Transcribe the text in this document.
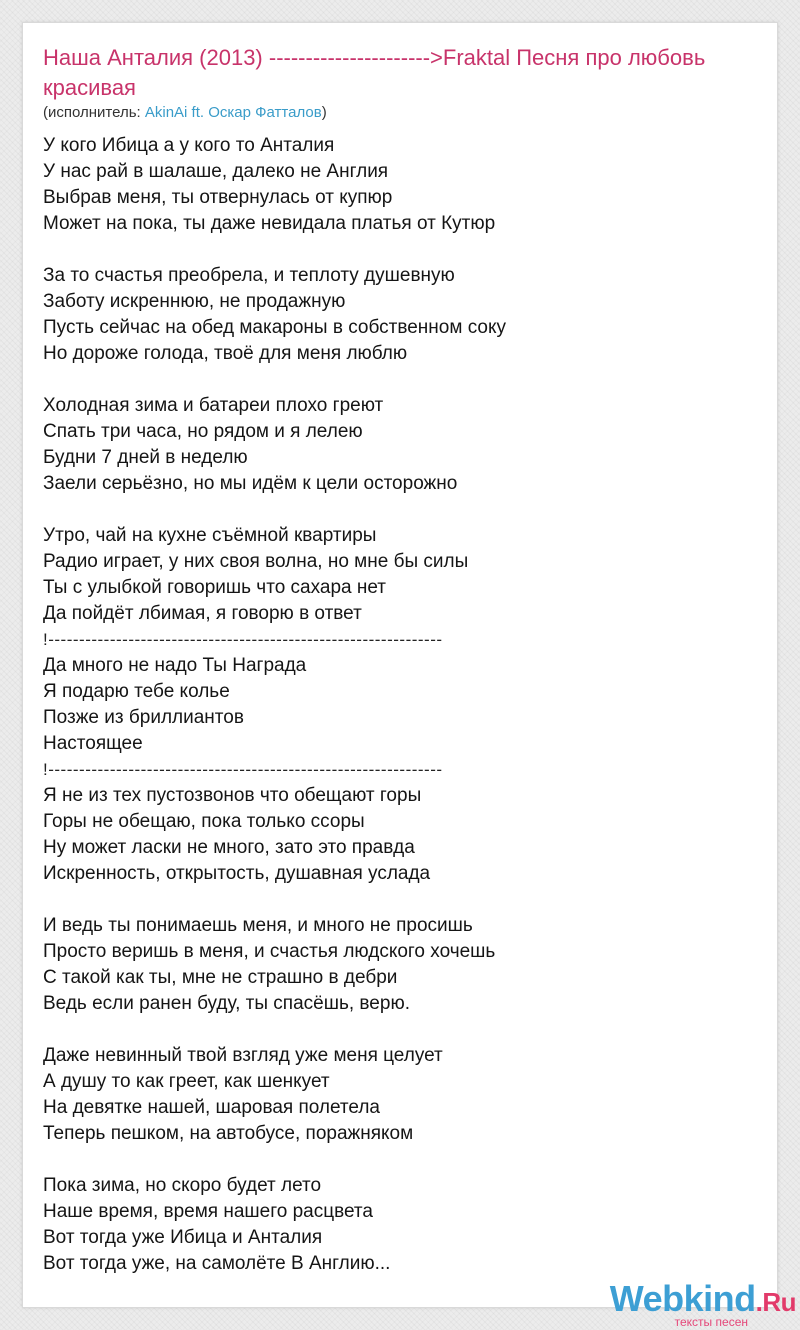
Наша Анталия (2013) ---------------------->Fraktal Песня про любовь красивая
(исполнитель: AkinAi ft. Оскар Фатталов)
У кого Ибица а у кого то Анталия
У нас рай в шалаше, далеко не Англия
Выбрав меня, ты отвернулась от купюр
Может на пока, ты даже невидала платья от Кутюр
За то счастья преобрела, и теплоту душевную
Заботу искреннюю, не продажную
Пусть сейчас на обед макароны в собственном соку
Но дороже голода, твоё для меня люблю
Холодная зима и батареи плохо греют
Спать три часа, но рядом и я лелею
Будни 7 дней в неделю
Заели серьёзно, но мы идём к цели осторожно
Утро, чай на кухне съёмной квартиры
Радио играет, у них своя волна, но мне бы силы
Ты с улыбкой говоришь что сахара нет
Да пойдёт лбимая, я говорю в ответ
!----------------------------------------------------------------
Да много не надо Ты Награда
Я подарю тебе колье
Позже из бриллиантов
Настоящее
!----------------------------------------------------------------
Я не из тех пустозвонов что обещают горы
Горы не обещаю, пока только ссоры
Ну может ласки не много, зато это правда
Искренность, открытость, душавная услада
И ведь ты понимаешь меня, и много не просишь
Просто веришь в меня, и счастья людского хочешь
С такой как ты, мне не страшно в дебри
Ведь если ранен буду, ты спасёшь, верю.
Даже невинный твой взгляд уже меня целует
А душу то как греет, как шенкует
На девятке нашей, шаровая полетела
Теперь пешком, на автобусе, поражняком
Пока зима, но скоро будет лето
Наше время, время нашего расцвета
Вот тогда уже Ибица и Анталия
Вот тогда уже, на самолёте В Англию...
Webkind.Ru
тексты песен
